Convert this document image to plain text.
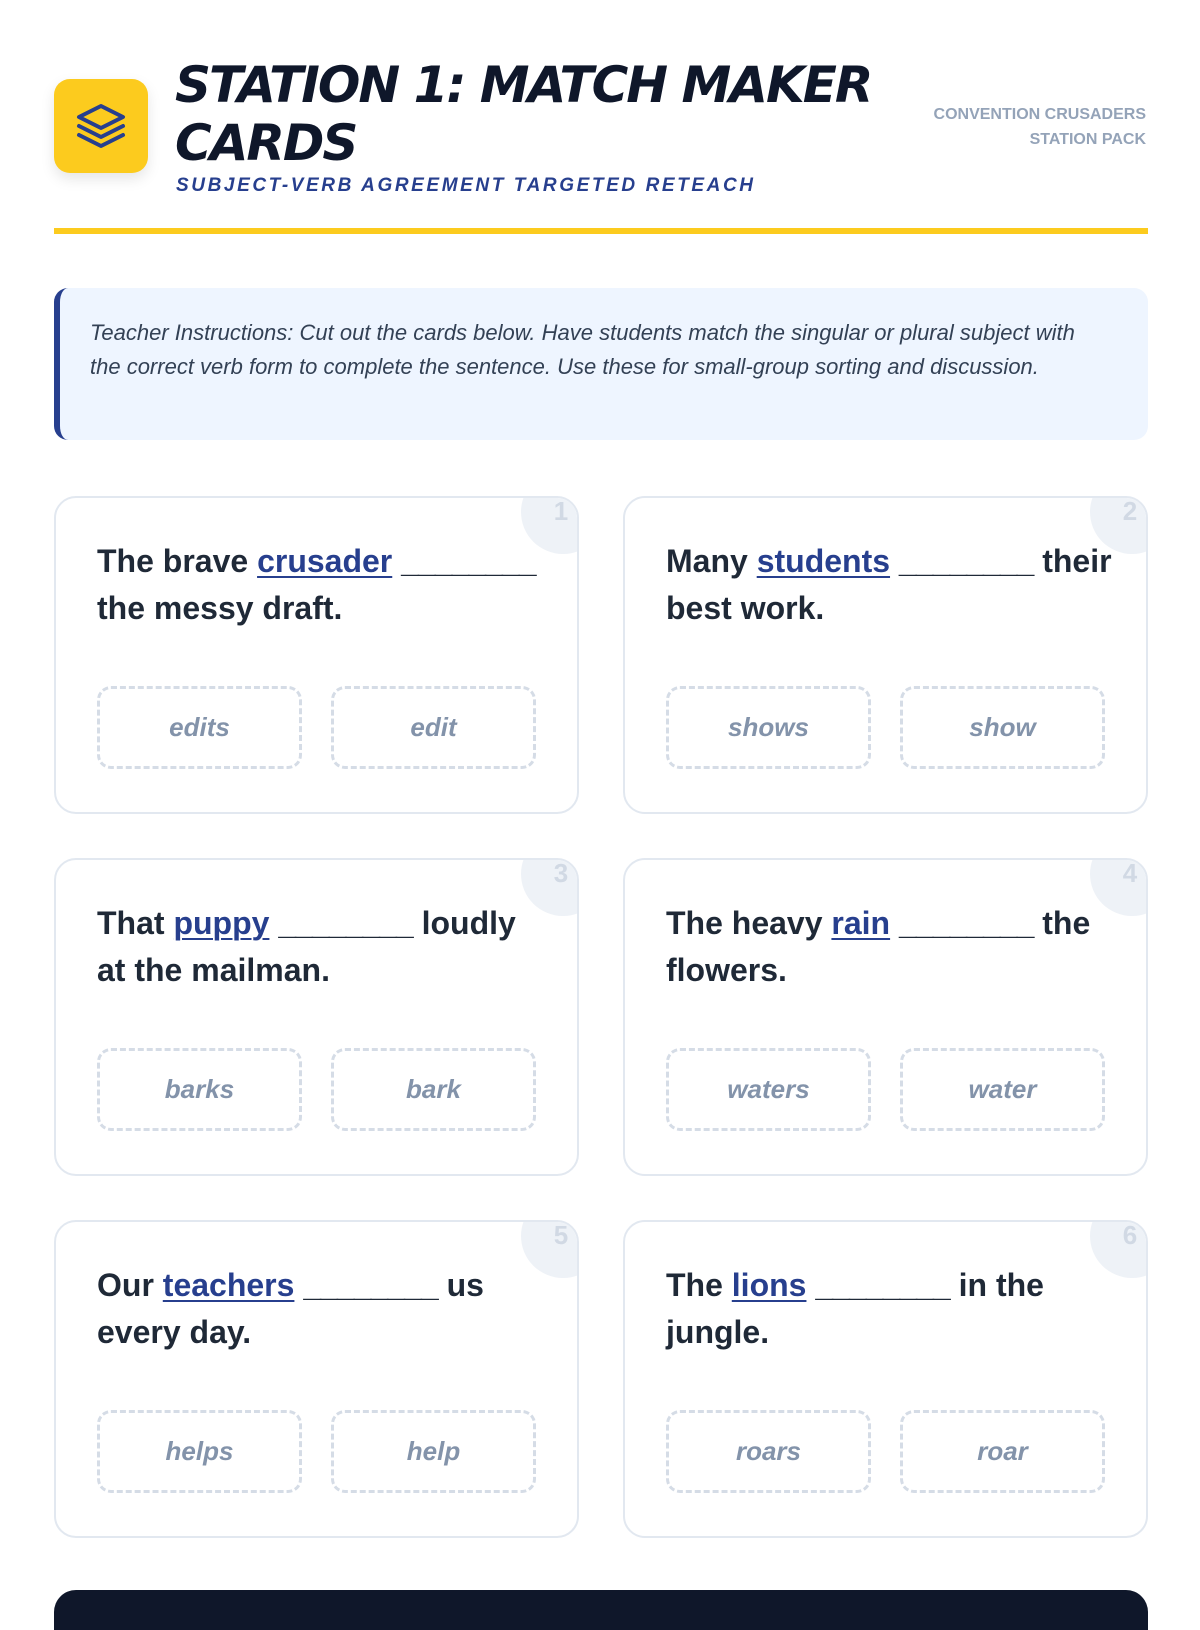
STATION 1: MATCH MAKER CARDS
SUBJECT-VERB AGREEMENT TARGETED RETEACH
CONVENTION CRUSADERS
STATION PACK

Teacher Instructions: Cut out the cards below. Have students match the singular or plural subject with the correct verb form to complete the sentence. Use these for small-group sorting and discussion.

1

The brave crusader ________ the messy draft.

edits	edit
2

Many students ________ their best work.

shows	show
3

That puppy ________ loudly at the mailman.

barks	bark
4

The heavy rain ________ the flowers.

waters	water
5

Our teachers ________ us every day.

helps	help
6

The lions ________ in the jungle.

roars	roar
